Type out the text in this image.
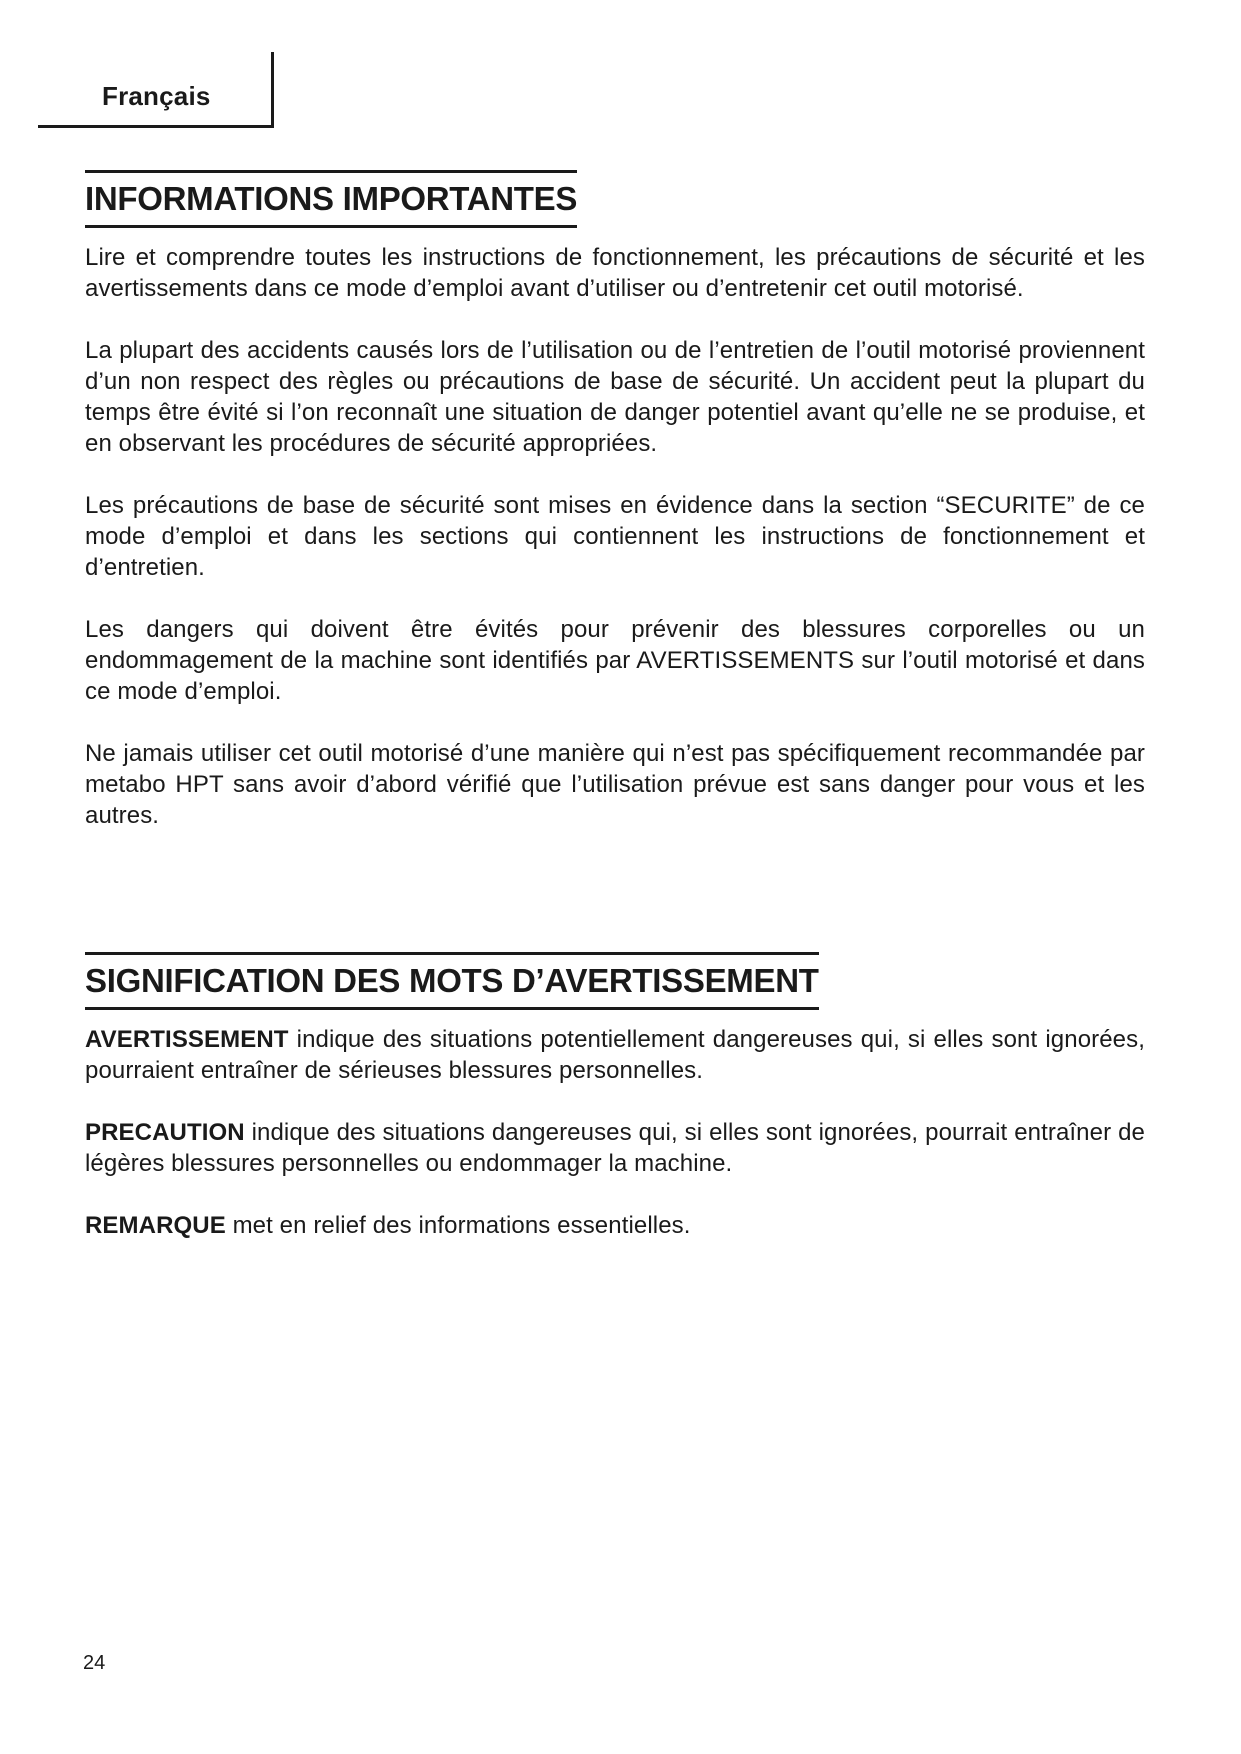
Français
INFORMATIONS IMPORTANTES

Lire et comprendre toutes les instructions de fonctionnement, les précautions de sécurité et les avertissements dans ce mode d’emploi avant d’utiliser ou d’entretenir cet outil motorisé.

La plupart des accidents causés lors de l’utilisation ou de l’entretien de l’outil motorisé proviennent d’un non respect des règles ou précautions de base de sécurité. Un accident peut la plupart du temps être évité si l’on reconnaît une situation de danger potentiel avant qu’elle ne se produise, et en observant les procédures de sécurité appropriées.

Les précautions de base de sécurité sont mises en évidence dans la section “SECURITE” de ce mode d’emploi et dans les sections qui contiennent les instructions de fonctionnement et d’entretien.

Les dangers qui doivent être évités pour prévenir des blessures corporelles ou un endommagement de la machine sont identifiés par AVERTISSEMENTS sur l’outil motorisé et dans ce mode d’emploi.

Ne jamais utiliser cet outil motorisé d’une manière qui n’est pas spécifiquement recommandée par metabo HPT sans avoir d’abord vérifié que l’utilisation prévue est sans danger pour vous et les autres.

SIGNIFICATION DES MOTS D’AVERTISSEMENT

AVERTISSEMENT indique des situations potentiellement dangereuses qui, si elles sont ignorées, pourraient entraîner de sérieuses blessures personnelles.

PRECAUTION indique des situations dangereuses qui, si elles sont ignorées, pourrait entraîner de légères blessures personnelles ou endommager la machine.

REMARQUE met en relief des informations essentielles.

24
